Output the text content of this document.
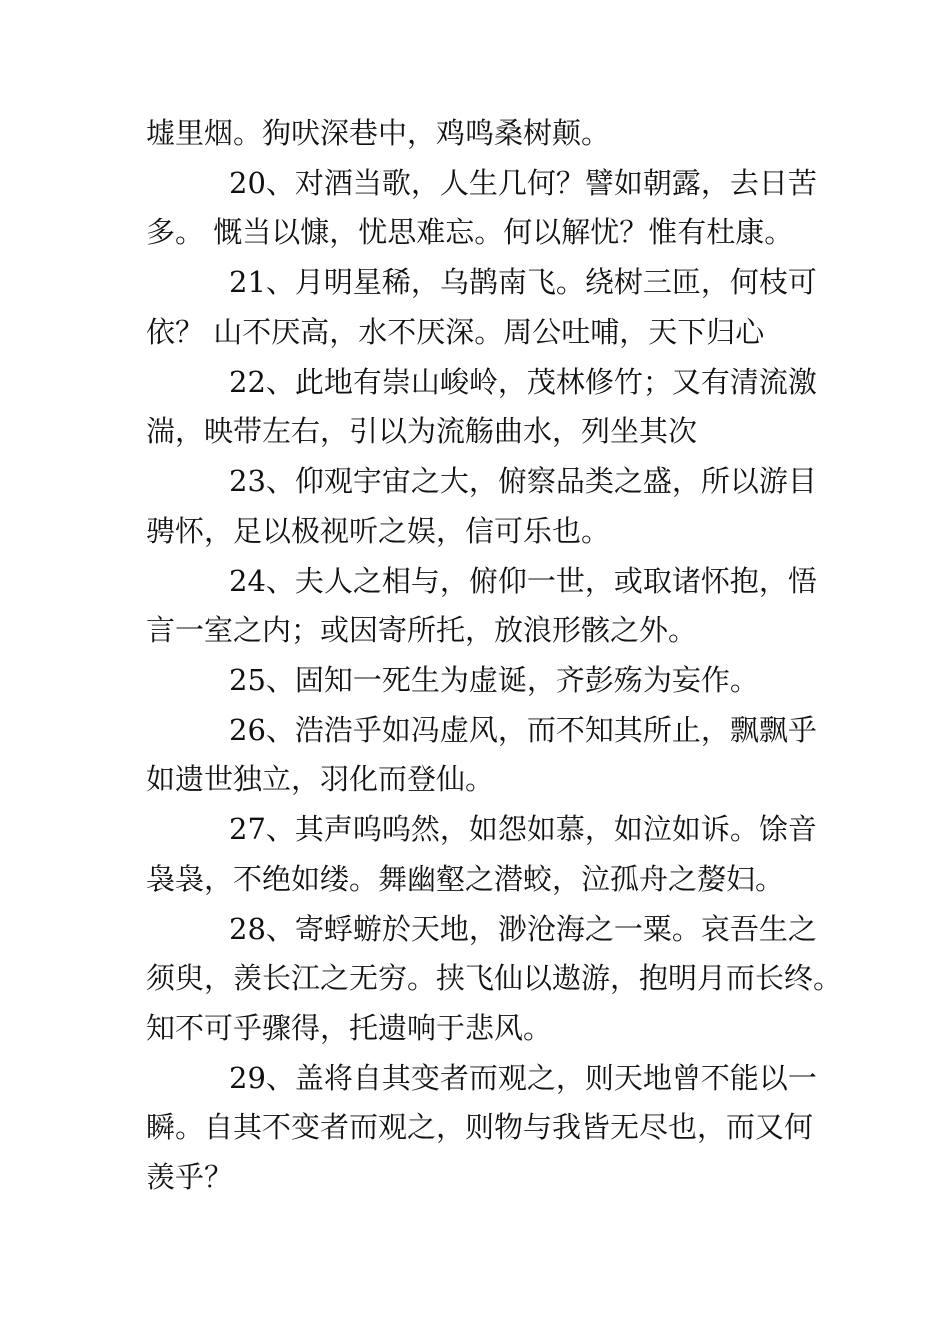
墟里烟。狗吠深巷中，鸡鸣桑树颠。
20、对酒当歌，人生几何？譬如朝露，去日苦
多。 慨当以慷，忧思难忘。何以解忧？惟有杜康。
21、月明星稀，乌鹊南飞。绕树三匝，何枝可
依？ 山不厌高，水不厌深。周公吐哺，天下归心
22、此地有崇山峻岭，茂林修竹；又有清流激
湍，映带左右，引以为流觞曲水，列坐其次
23、仰观宇宙之大，俯察品类之盛，所以游目
骋怀，足以极视听之娱，信可乐也。
24、夫人之相与，俯仰一世，或取诸怀抱，悟
言一室之内；或因寄所托，放浪形骸之外。
25、固知一死生为虚诞，齐彭殇为妄作。
26、浩浩乎如冯虚风，而不知其所止，飘飘乎
如遗世独立，羽化而登仙。
27、其声呜呜然，如怨如慕，如泣如诉。馀音
袅袅，不绝如缕。舞幽壑之潜蛟，泣孤舟之嫠妇。
28、寄蜉蝣於天地，渺沧海之一粟。哀吾生之
须臾，羡长江之无穷。挟飞仙以遨游，抱明月而长终。
知不可乎骤得，托遗响于悲风。
29、盖将自其变者而观之，则天地曾不能以一
瞬。自其不变者而观之，则物与我皆无尽也，而又何
羡乎？
